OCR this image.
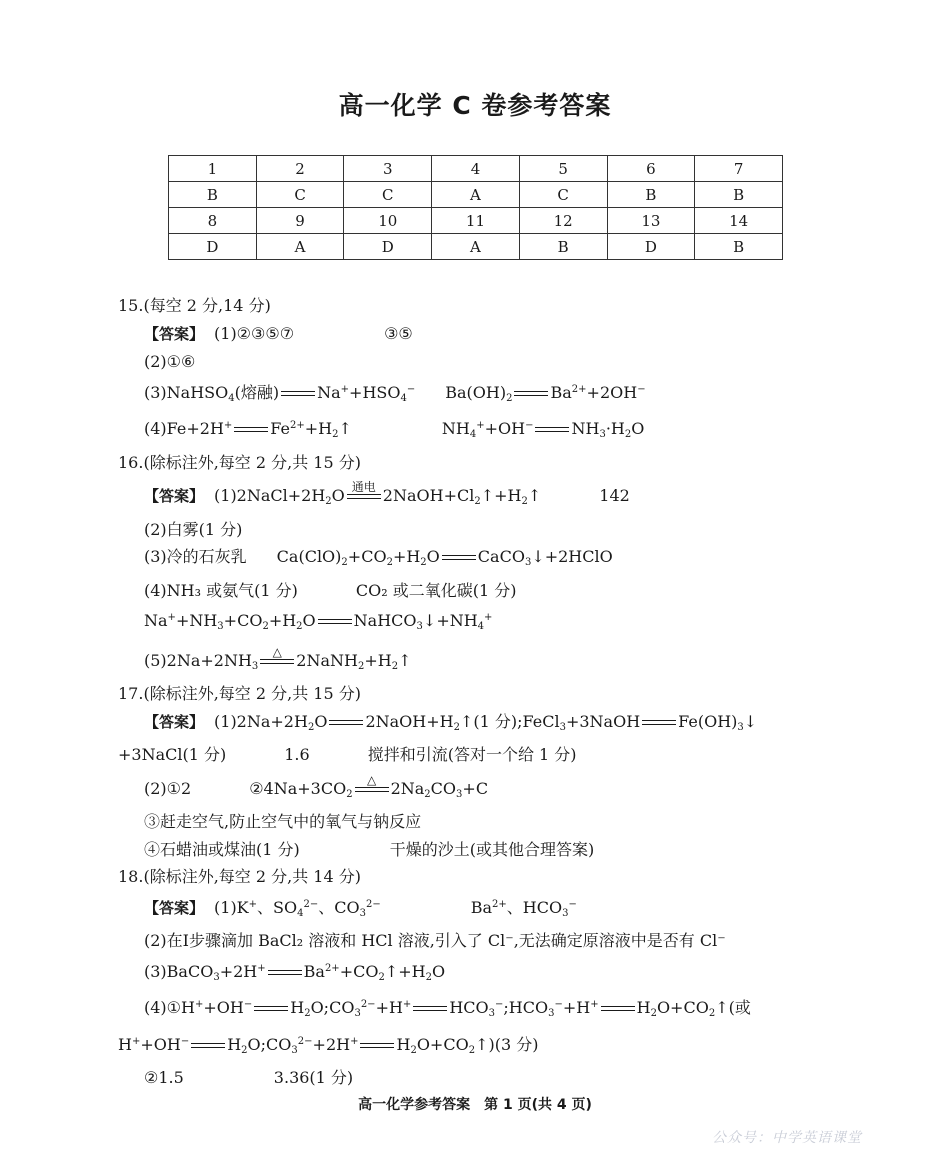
高一化学 C 卷参考答案
1	2	3	4	5	6	7
B	C	C	A	C	B	B
8	9	10	11	12	13	14
D	A	D	A	B	D	B
15.(每空 2 分,14 分)
【答案】 (1)②③⑤⑦	③⑤
(2)①⑥
(3)NaHSO$_4$(熔融) $Na^++HSO_4^-$ $Ba(OH)_2$ $Ba^{2+}+2OH^-$
(4)Fe+2H+ $Fe^{2+}+H_2↑$	$NH_4^++OH^-$ $NH_3\cdot H_2O$
16.(除标注外,每空 2 分,共 15 分)
【答案】 $(1)2NaCl+2H_2O$ 通电 $2NaOH+Cl_2↑+H_2↑$	142
(2)白雾(1 分)
(3)冷的石灰乳 $Ca(ClO)_2+CO_2+H_2O$ CaCO$_3$↓+2HClO
(4)NH₃ 或氨气(1 分)	CO₂ 或二氧化碳(1 分)
$Na^++NH_3+CO_2+H_2O$ $NaHCO_3↓+NH_4^+$
$(5)2Na+2NH_3$
△ $2NaNH_2+H_2↑$
17.(除标注外,每空 2 分,共 15 分)
【答案】 $(1)2Na+2H_2O$ $2NaOH+H_2↑(1$ 分);FeCl$_3$+3NaOH $Fe(OH)_3↓$
+3NaCl(1 分)	1.6	搅拌和引流(答对一个给 1 分)
(2)①2	$②4Na+3CO_2$
△ $2Na_2CO_3+C$
③赶走空气,防止空气中的氧气与钠反应
④石蜡油或煤油(1 分)	干燥的沙土(或其他合理答案)
18.(除标注外,每空 2 分,共 14 分)
【答案】 (1)K+、$SO_4^{2-}$、$CO_3^{2-}$	$Ba^{2+}$、$HCO_3^-$
(2)在Ⅰ步骤滴加 BaCl₂ 溶液和 HCl 溶液,引入了 Cl⁻,无法确定原溶液中是否有 Cl⁻
(3)BaCO$_3$+2H+ $Ba^{2+}+CO_2↑+H_2O$
(4)①H++OH− $H_2O;CO_3^{2-}+H^+$ $HCO_3^-;HCO_3^-+H^+$ $H_2O+CO_2↑$(或
H++OH− $H_2O;CO_3^{2-}+2H^+$ $H_2O+CO_2↑)(3$ 分)
②1.5	3.36(1 分)
高一化学参考答案　第 1 页(共 4 页)
公众号：中学英语课堂
